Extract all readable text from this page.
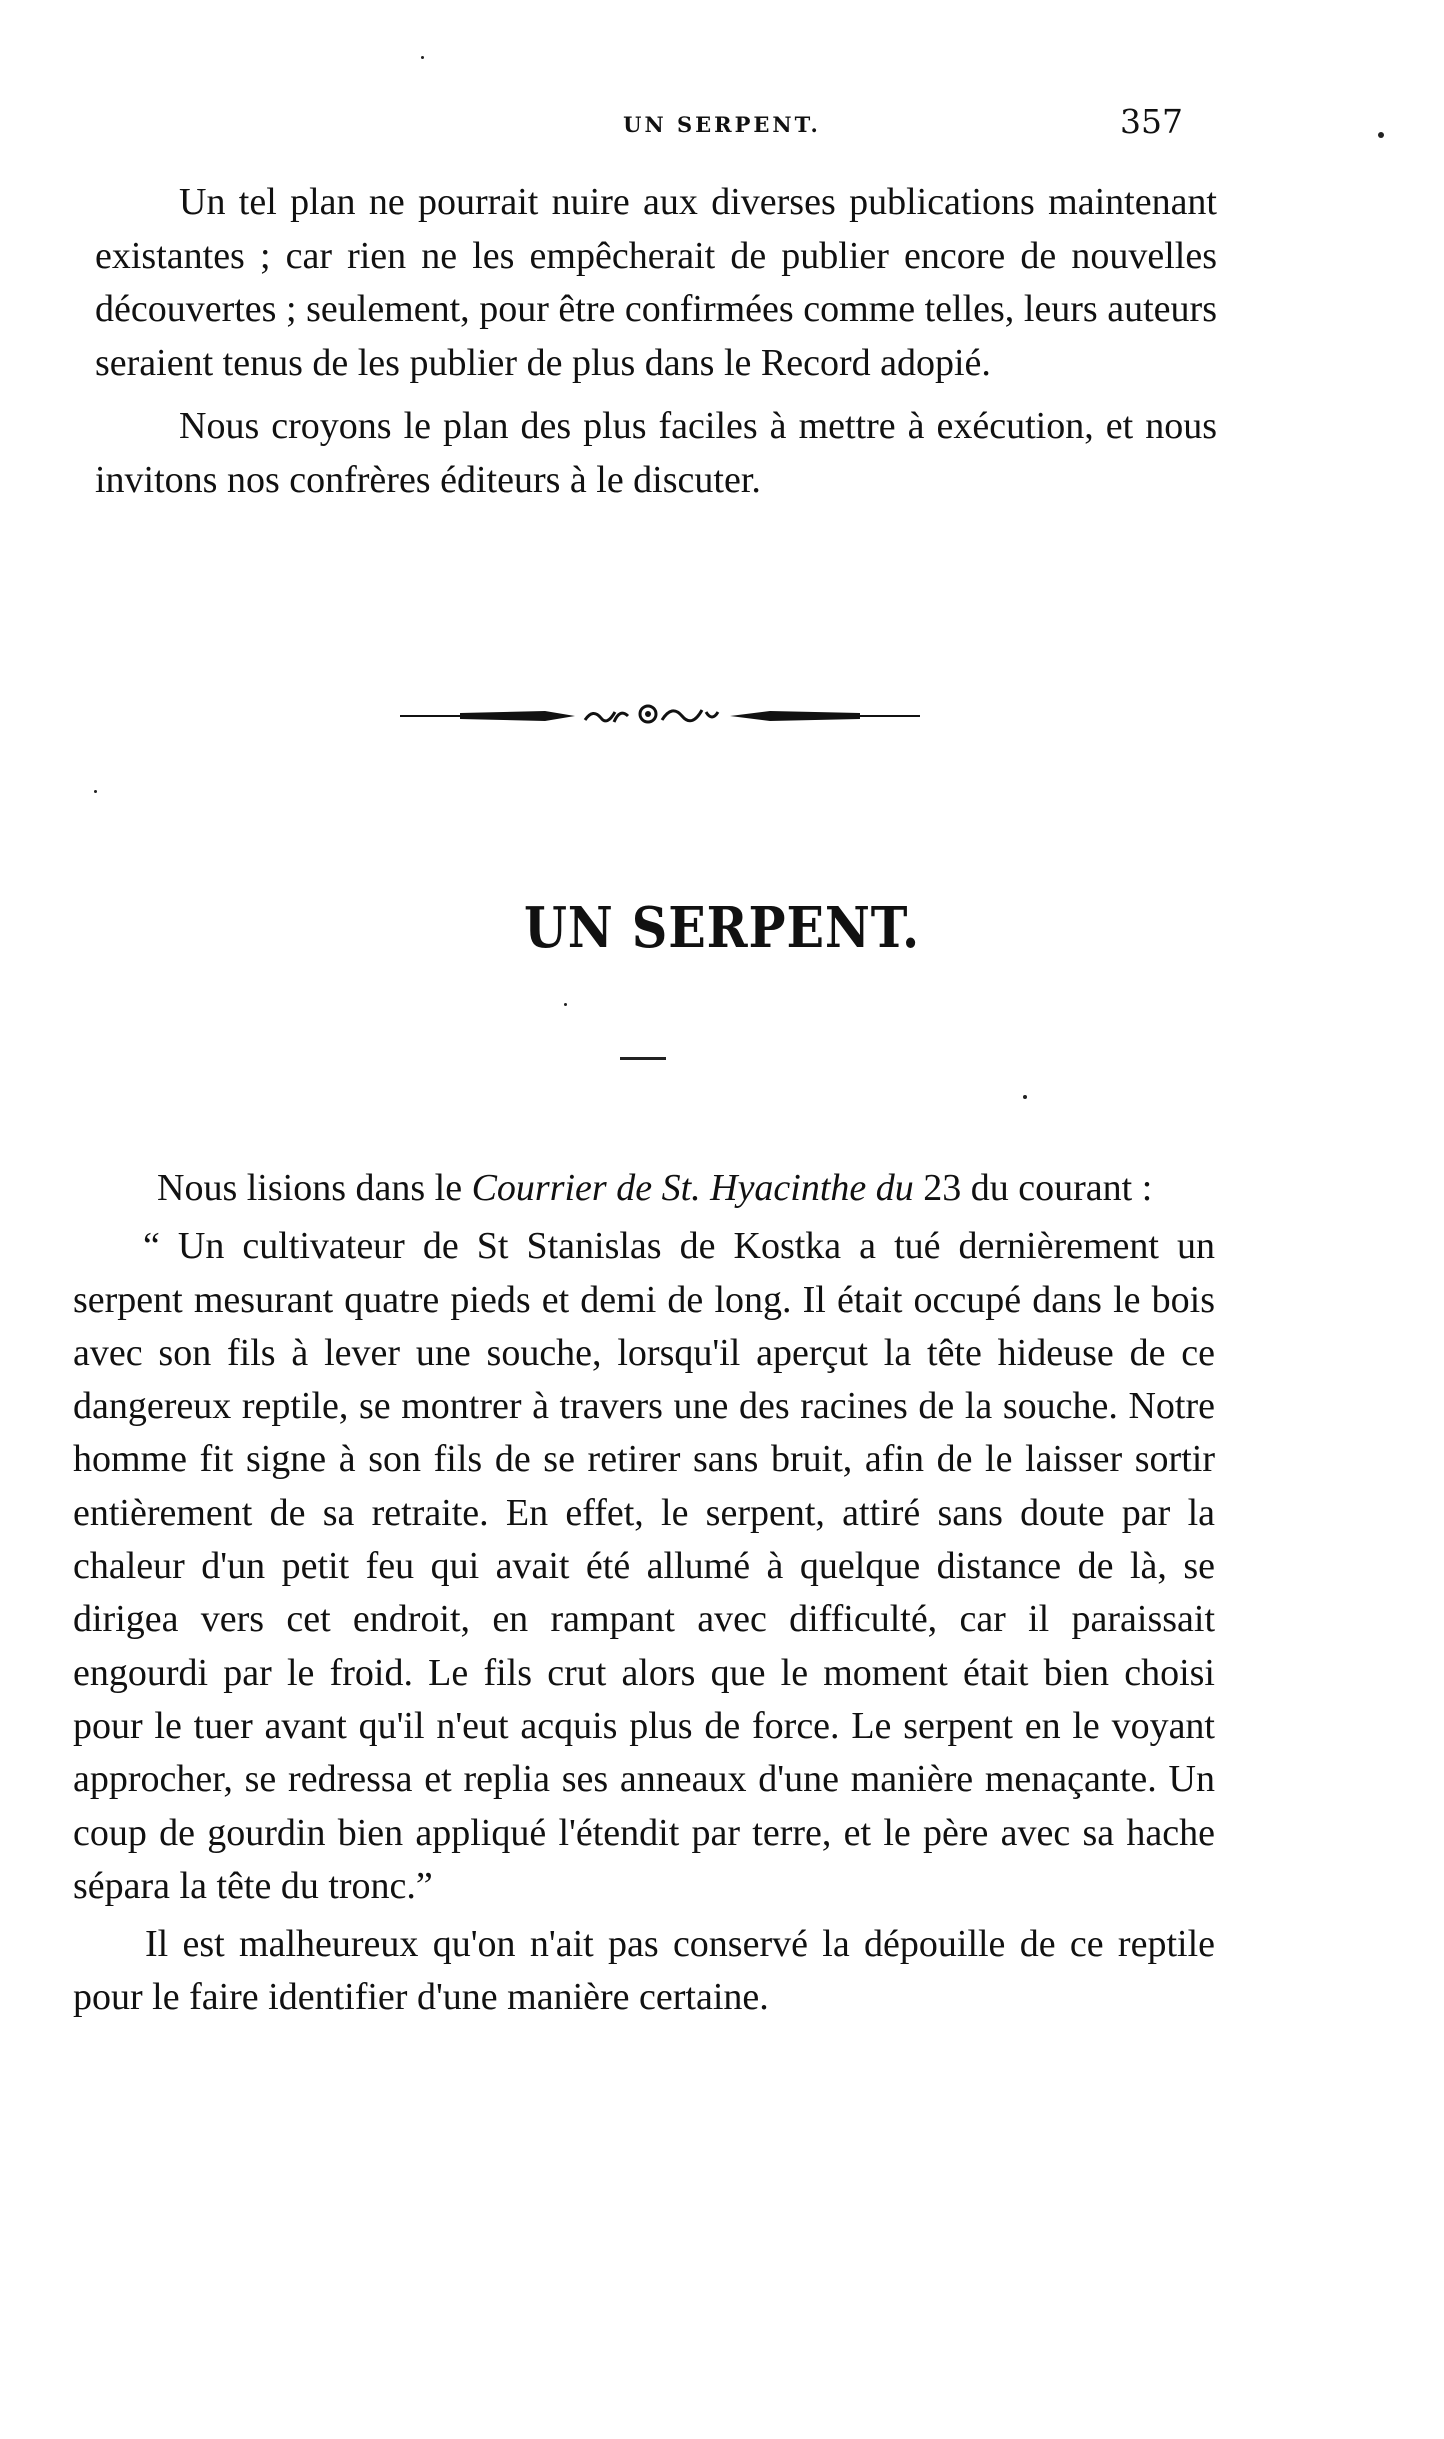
UN SERPENT.	357

Un tel plan ne pourrait nuire aux diverses publications maintenant existantes ; car rien ne les empêcherait de publier encore de nouvelles découvertes ; seulement, pour être confirmées comme telles, leurs auteurs seraient tenus de les publier de plus dans le Record adopié.

Nous croyons le plan des plus faciles à mettre à exécution, et nous invitons nos confrères éditeurs à le discuter.

UN SERPENT.

Nous lisions dans le Courrier de St. Hyacinthe du 23 du courant :

“ Un cultivateur de St Stanislas de Kostka a tué dernièrement un serpent mesurant quatre pieds et demi de long. Il était occupé dans le bois avec son fils à lever une souche, lorsqu'il aperçut la tête hideuse de ce dangereux reptile, se montrer à travers une des racines de la souche. Notre homme fit signe à son fils de se retirer sans bruit, afin de le laisser sortir entièrement de sa retraite. En effet, le serpent, attiré sans doute par la chaleur d'un petit feu qui avait été allumé à quelque distance de là, se dirigea vers cet endroit, en rampant avec difficulté, car il paraissait engourdi par le froid. Le fils crut alors que le moment était bien choisi pour le tuer avant qu'il n'eut acquis plus de force. Le serpent en le voyant approcher, se redressa et replia ses anneaux d'une manière menaçante. Un coup de gourdin bien appliqué l'étendit par terre, et le père avec sa hache sépara la tête du tronc.”

Il est malheureux qu'on n'ait pas conservé la dépouille de ce reptile pour le faire identifier d'une manière certaine.
